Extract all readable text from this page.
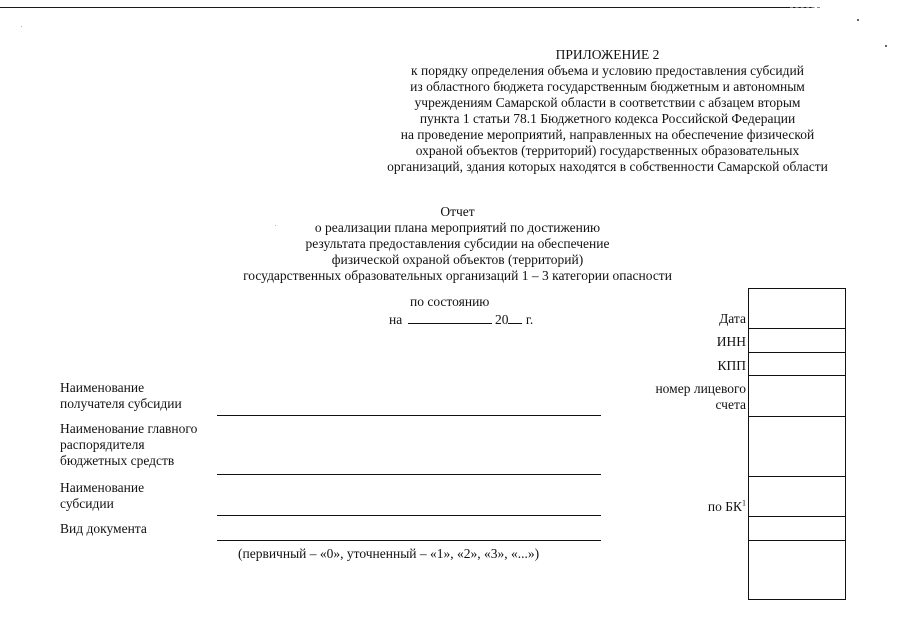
ПРИЛОЖЕНИЕ 2
к порядку определения объема и условию предоставления субсидий
из областного бюджета государственным бюджетным и автономным
учреждениям Самарской области в соответствии с абзацем вторым
пункта 1 статьи 78.1 Бюджетного кодекса Российской Федерации
на проведение мероприятий, направленных на обеспечение физической
охраной объектов (территорий) государственных образовательных
организаций, здания которых находятся в собственности Самарской области
Отчет
о реализации плана мероприятий по достижению
результата предоставления субсидии на обеспечение
физической охраной объектов (территорий)
государственных образовательных организаций 1 – 3 категории опасности
по состоянию
на	20 г.
Наименование
получателя субсидии
Наименование главного
распорядителя
бюджетных средств
Наименование
субсидии
Вид документа
(первичный – «0», уточненный – «1», «2», «3», «...»)
Дата
ИНН
КПП
номер лицевого
счета
по $БК^1$
